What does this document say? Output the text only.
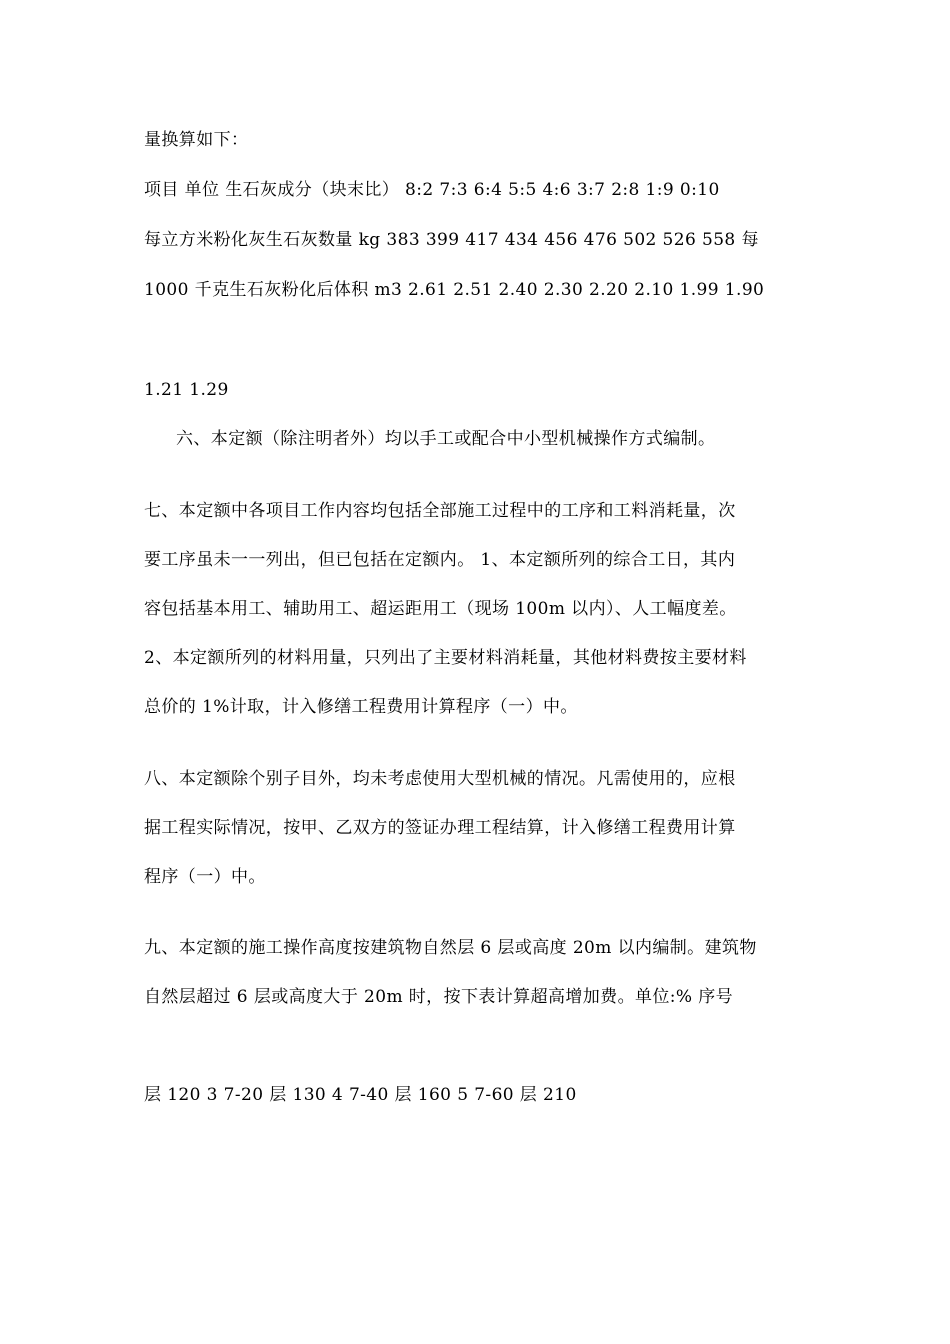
量换算如下：
项目 单位 生石灰成分（块末比） 8:2 7:3 6:4 5:5 4:6 3:7 2:8 1:9 0:10
每立方米粉化灰生石灰数量 kg 383 399 417 434 456 476 502 526 558 每
1000 千克生石灰粉化后体积 m3 2.61 2.51 2.40 2.30 2.20 2.10 1.99 1.90
1.21 1.29
六、本定额（除注明者外）均以手工或配合中小型机械操作方式编制。
七、本定额中各项目工作内容均包括全部施工过程中的工序和工料消耗量，次
要工序虽未一一列出，但已包括在定额内。 1、本定额所列的综合工日，其内
容包括基本用工、辅助用工、超运距用工（现场 100m 以内）、人工幅度差。
2、本定额所列的材料用量，只列出了主要材料消耗量，其他材料费按主要材料
总价的 1%计取，计入修缮工程费用计算程序（一）中。
八、本定额除个别子目外，均未考虑使用大型机械的情况。凡需使用的，应根
据工程实际情况，按甲、乙双方的签证办理工程结算，计入修缮工程费用计算
程序（一）中。
九、本定额的施工操作高度按建筑物自然层 6 层或高度 20m 以内编制。建筑物
自然层超过 6 层或高度大于 20m 时，按下表计算超高增加费。单位:% 序号
层 120 3 7-20 层 130 4 7-40 层 160 5 7-60 层 210
